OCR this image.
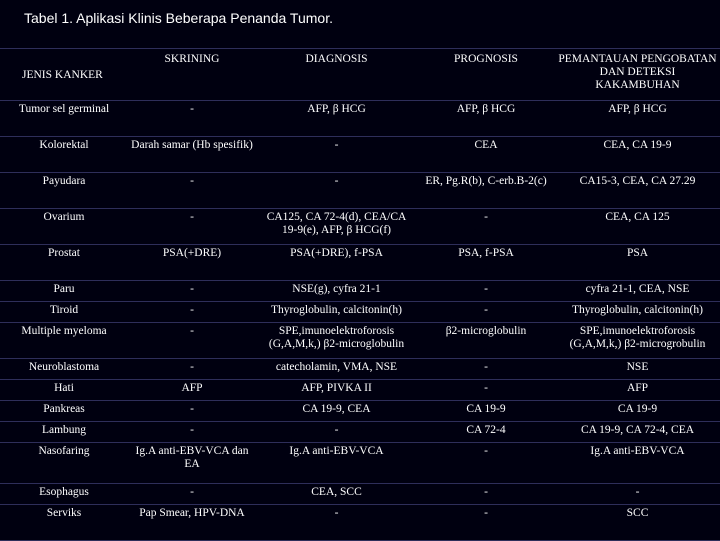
Tabel 1. Aplikasi Klinis Beberapa Penanda Tumor.
JENIS KANKER	SKRINING	DIAGNOSIS	PROGNOSIS	PEMANTAUAN PENGOBATAN DAN DETEKSI KAKAMBUHAN
Tumor sel germinal	-	AFP, β HCG	AFP, β HCG	AFP, β HCG
Kolorektal	Darah samar (Hb spesifik)	-	CEA	CEA, CA 19-9
Payudara	-	-	ER, Pg.R(b), C-erb.B-2(c)	CA15-3, CEA, CA 27.29
Ovarium	-	CA125, CA 72-4(d), CEA/CA 19-9(e), AFP, β HCG(f)	-	CEA, CA 125
Prostat	PSA(+DRE)	PSA(+DRE), f-PSA	PSA, f-PSA	PSA
Paru	-	NSE(g), cyfra 21-1	-	cyfra 21-1, CEA, NSE
Tiroid	-	Thyroglobulin, calcitonin(h)	-	Thyroglobulin, calcitonin(h)
Multiple myeloma	-	SPE,imunoelektroforosis (G,A,M,k,) β2-microglobulin	β2-microglobulin	SPE,imunoelektroforosis (G,A,M,k,) β2-microgrobulin
Neuroblastoma	-	catecholamin, VMA, NSE	-	NSE
Hati	AFP	AFP, PIVKA II	-	AFP
Pankreas	-	CA 19-9, CEA	CA 19-9	CA 19-9
Lambung	-	-	CA 72-4	CA 19-9, CA 72-4, CEA
Nasofaring	Ig.A anti-EBV-VCA dan EA	Ig.A anti-EBV-VCA	-	Ig.A anti-EBV-VCA
Esophagus	-	CEA, SCC	-	-
Serviks	Pap Smear, HPV-DNA	-	-	SCC
